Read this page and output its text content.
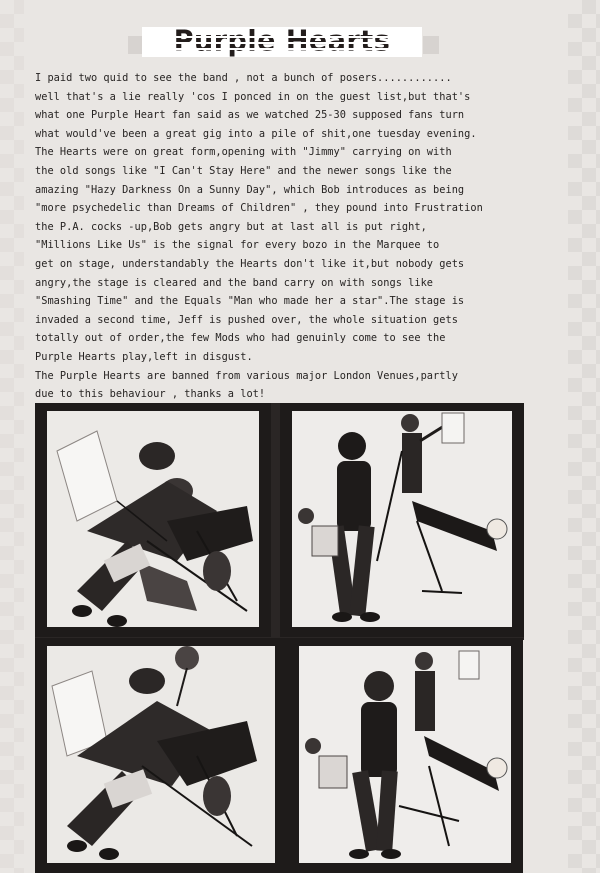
I paid two quid to see the band , not a bunch of posers............
well that's a lie really 'cos I ponced in on the guest list,but that's
what one Purple Heart fan said as we watched 25-30 supposed fans turn
what would've been a great gig into a pile of shit,one tuesday evening.
The Hearts were on great form,opening with "Jimmy" carrying on with
the old songs like "I Can't Stay Here" and the newer songs like the
amazing "Hazy Darkness On a Sunny Day", which Bob introduces as being
"more psychedelic than Dreams of Children" , they pound into Frustration
the P.A. cocks -up,Bob gets angry but at last all is put right,
"Millions Like Us" is the signal for every bozo in the Marquee to
get on stage, understandably the Hearts don't like it,but nobody gets
angry,the stage is cleared and the band carry on with songs like
"Smashing Time" and the Equals "Man who made her a star".The stage is
invaded a second time, Jeff is pushed over, the whole situation gets
totally out of order,the few Mods who had genuinly come to see the
Purple Hearts play,left in disgust.
The Purple Hearts are banned from various major London Venues,partly
due to this behaviour , thanks a lot!
